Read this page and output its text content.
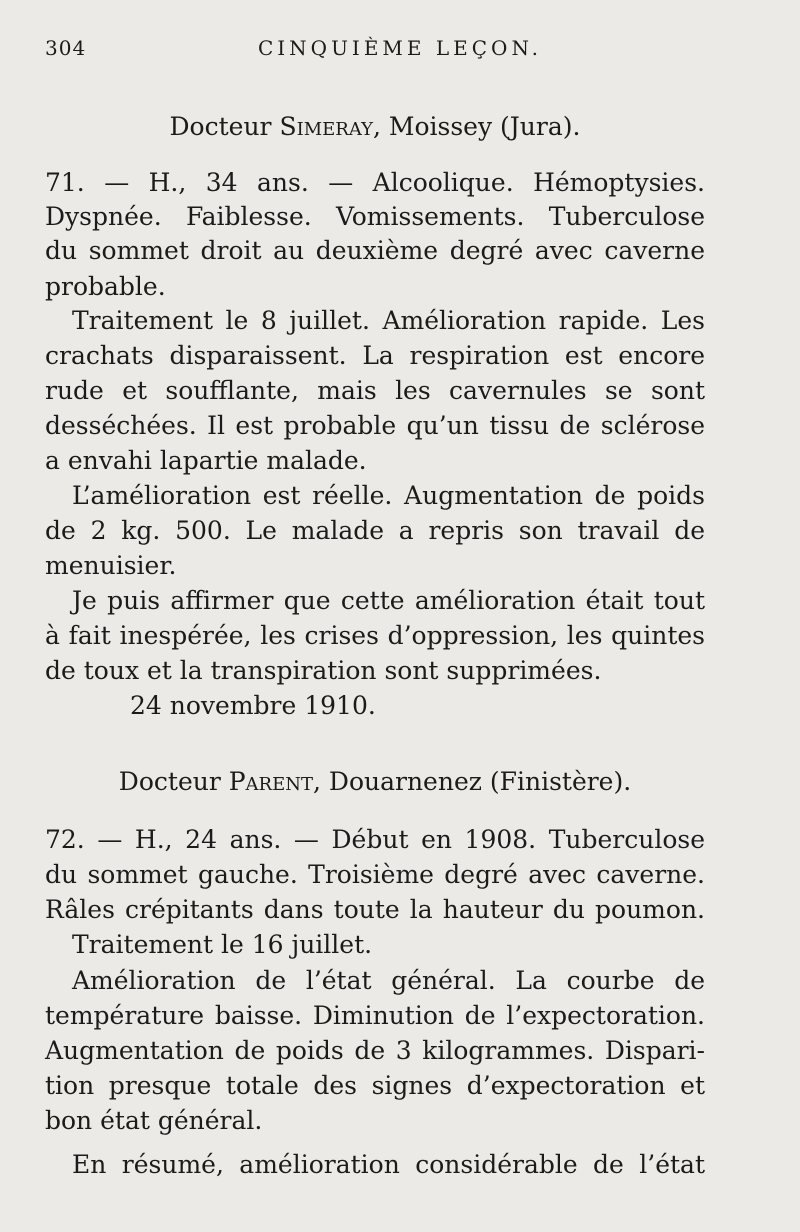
304	CINQUIÈME LEÇON.
Docteur Simeray, Moissey (Jura).
71. — H., 34 ans. — Alcoolique. Hémoptysies.
Dyspnée. Faiblesse. Vomissements. Tuberculose
du sommet droit au deuxième degré avec caverne
probable.
Traitement le 8 juillet. Amélioration rapide. Les
crachats disparaissent. La respiration est encore
rude et soufflante, mais les cavernules se sont
desséchées. Il est probable qu’un tissu de sclérose
a envahi lapartie malade.
L’amélioration est réelle. Augmentation de poids
de 2 kg. 500. Le malade a repris son travail de
menuisier.
Je puis affirmer que cette amélioration était tout
à fait inespérée, les crises d’oppression, les quintes
de toux et la transpiration sont supprimées.
24 novembre 1910.
Docteur Parent, Douarnenez (Finistère).
72. — H., 24 ans. — Début en 1908. Tuberculose
du sommet gauche. Troisième degré avec caverne.
Râles crépitants dans toute la hauteur du poumon.
Traitement le 16 juillet.
Amélioration de l’état général. La courbe de
température baisse. Diminution de l’expectoration.
Augmentation de poids de 3 kilogrammes. Dispari-
tion presque totale des signes d’expectoration et
bon état général.
En résumé, amélioration considérable de l’état
